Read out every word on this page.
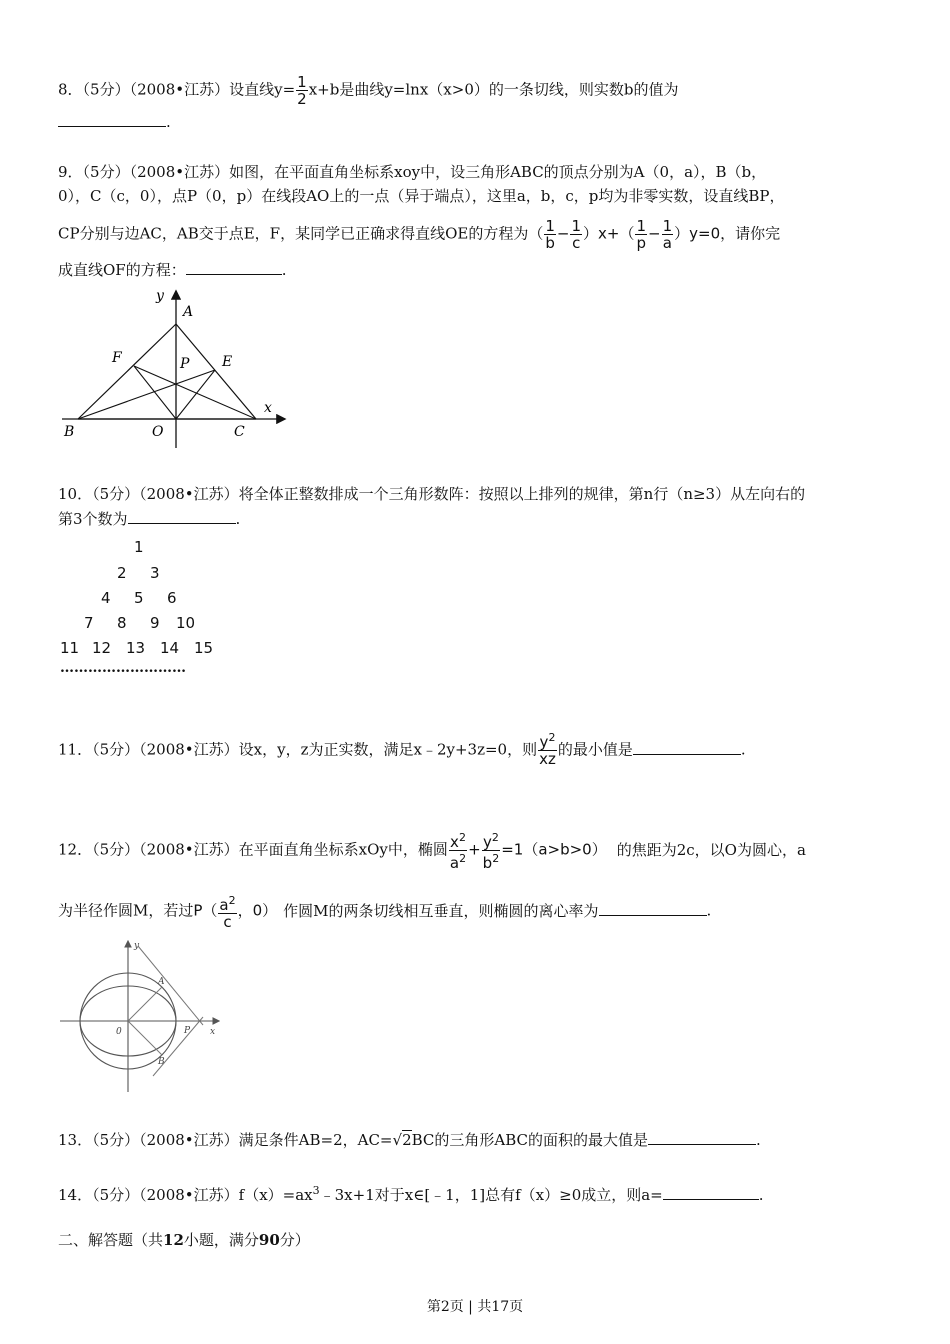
8．（5分）（2008•江苏）设直线$y= \frac{1}{2} x+b$是曲线y=lnx（x>0）的一条切线，则实数b的值为
.
9．（5分）（2008•江苏）如图，在平面直角坐标系xoy中，设三角形ABC的顶点分别为A（0，a），B（b，
0），C（c，0），点P（0，p）在线段AO上的一点（异于端点），这里a，b，c，p均为非零实数，设直线BP，
CP分别与边AC，AB交于点E，F，某同学已正确求得直线OE的方程为（ $\frac{1}{b} - \frac{1}{c} )x+( \frac{1}{p} - \frac{1}{a} )y=0$，请你完
成直线OF的方程：	.
y
A
F	P E
x
B	O	C
10．（5分）（2008•江苏）将全体正整数排成一个三角形数阵：按照以上排列的规律，第n行（n≥3）从左向右的
第3个数为	.
1
2 3
4 5 6
7 8 9 10
11 12 13 14 15
………………………
11．（5分）（2008•江苏）设x，y，z为正实数，满足x﹣2y+3z=0，则 $\frac{y^2}{xz}$ 的最小值是	.
12．（5分）（2008•江苏）在平面直角坐标系xOy中，椭圆 $\frac{x^2}{a^2} + \frac{y^2}{b^2} =1(a>b>0)$ 的焦距为2c，以O为圆心，a
为半径作圆M，若过$P( \frac{a^2}{c}$ ，0） 作圆M的两条切线相互垂直，则椭圆的离心率为	.
y
A
0	P x
B
13．（5分）（2008•江苏）满足条件AB=2，AC=√2BC的三角形ABC的面积的最大值是	.
14．（5分）（2008•江苏）$f(x)=ax^3﹣3x+1$对于x∈[﹣1，1]总有f（x）≥0成立，则a=	.
二、解答题（共12小题，满分90分）
第2页 | 共17页
